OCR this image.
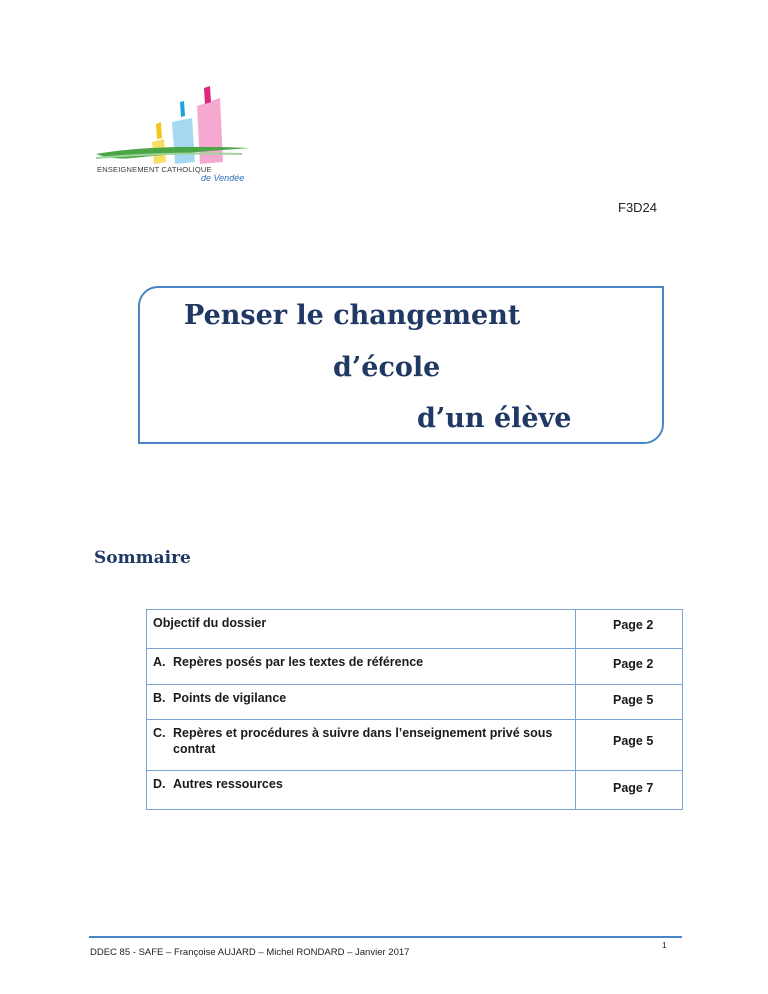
ENSEIGNEMENT CATHOLIQUE
de Vendée
F3D24
Penser le changement
d’école
d’un élève
Sommaire
Objectif du dossier	Page 2

A. Repères posés par les textes de référence	Page 2

B. Points de vigilance	Page 5

C. Repères et procédures à suivre dans l’enseignement privé sous contrat	Page 5

D. Autres ressources	Page 7
1
DDEC 85 - SAFE – Françoise AUJARD – Michel RONDARD – Janvier 2017
